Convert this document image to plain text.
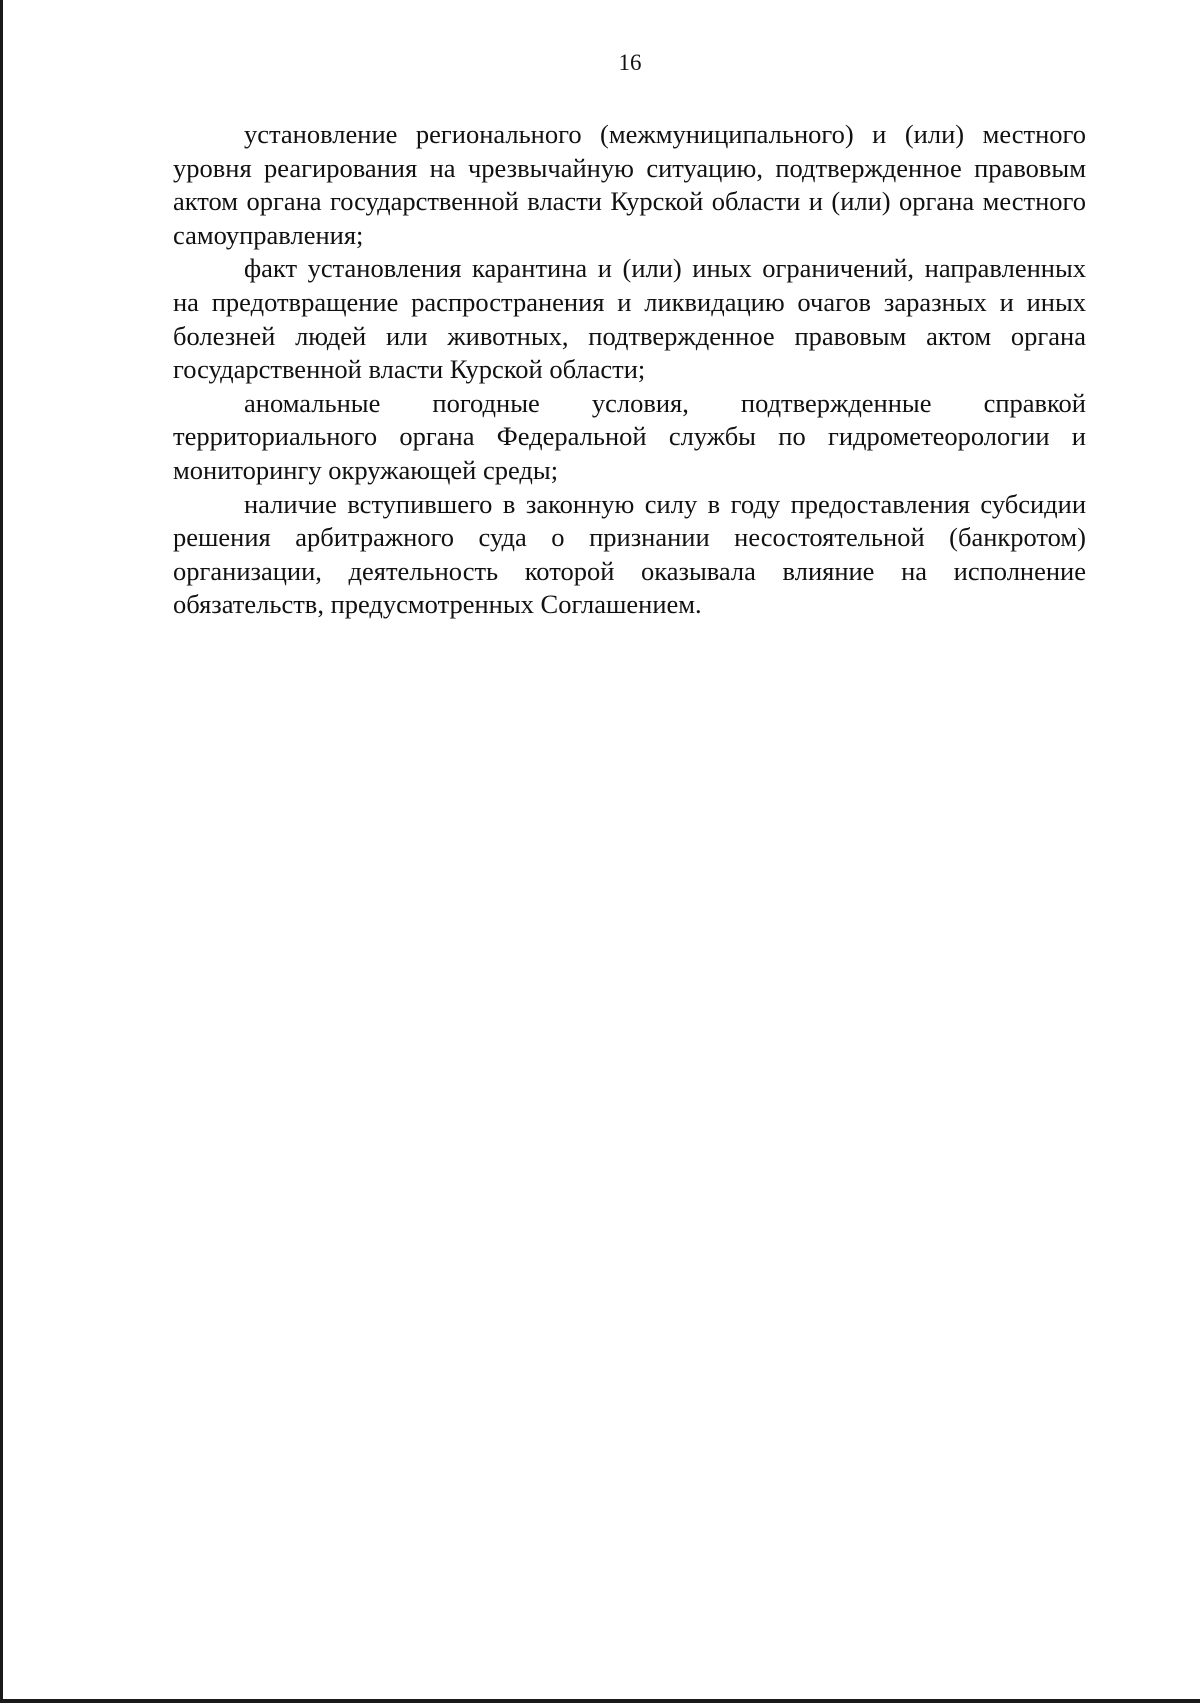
16

установление регионального (межмуниципального) и (или) местного уровня реагирования на чрезвычайную ситуацию, подтвержденное правовым актом органа государственной власти Курской области и (или) органа местного самоуправления;

факт установления карантина и (или) иных ограничений, направленных на предотвращение распространения и ликвидацию очагов заразных и иных болезней людей или животных, подтвержденное правовым актом органа государственной власти Курской области;

аномальные погодные условия, подтвержденные справкой территориального органа Федеральной службы по гидрометеорологии и мониторингу окружающей среды;

наличие вступившего в законную силу в году предоставления субсидии решения арбитражного суда о признании несостоятельной (банкротом) организации, деятельность которой оказывала влияние на исполнение обязательств, предусмотренных Соглашением.
